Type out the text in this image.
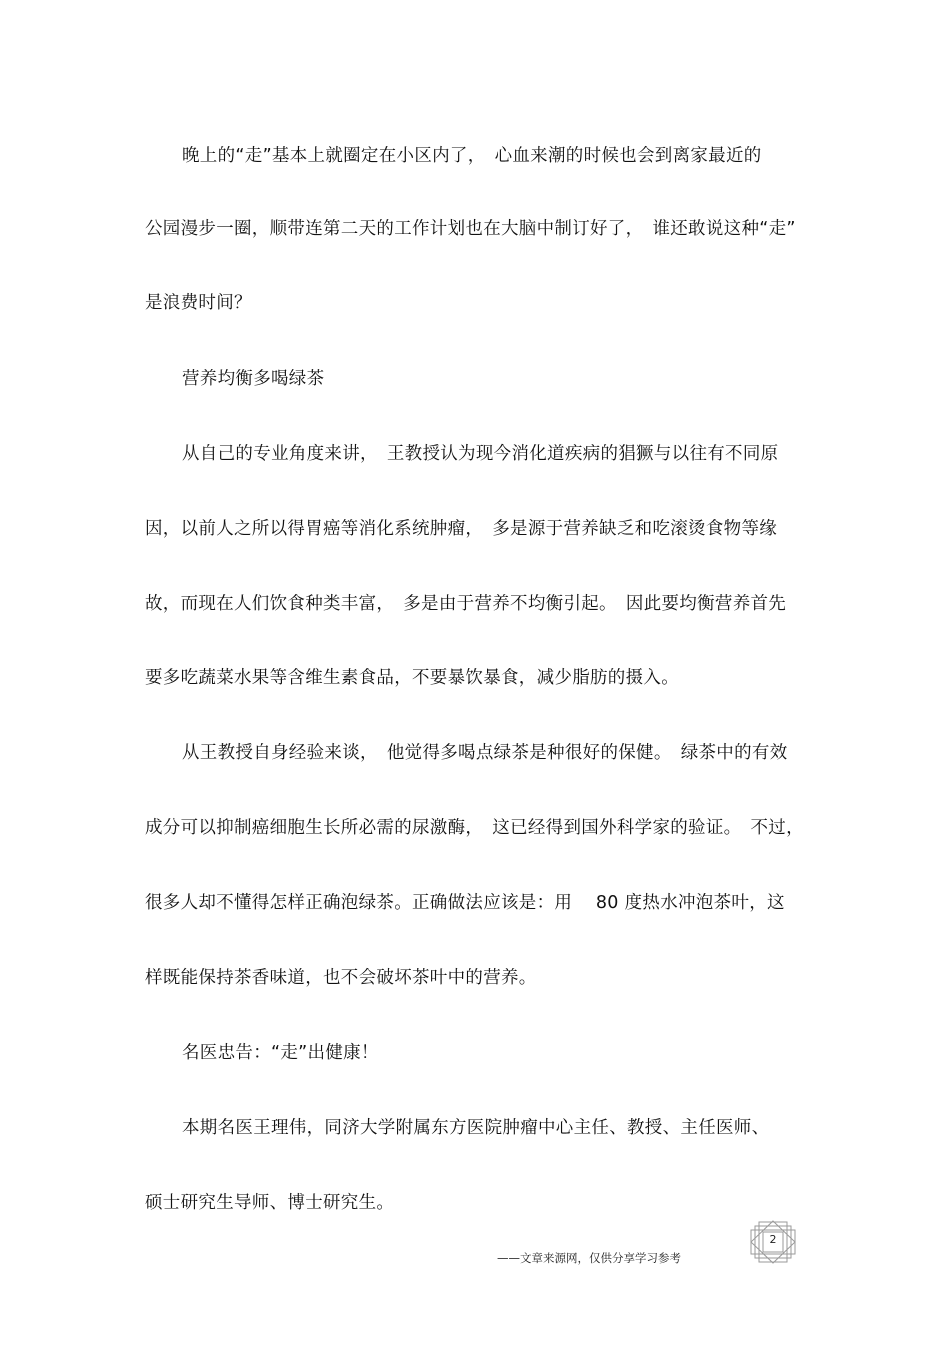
晚上的“走”基本上就圈定在小区内了，　心血来潮的时候也会到离家最近的
公园漫步一圈，顺带连第二天的工作计划也在大脑中制订好了，　谁还敢说这种“走”
是浪费时间？
营养均衡多喝绿茶
从自己的专业角度来讲，　王教授认为现今消化道疾病的猖獗与以往有不同原
因，以前人之所以得胃癌等消化系统肿瘤，　多是源于营养缺乏和吃滚烫食物等缘
故，而现在人们饮食种类丰富，　多是由于营养不均衡引起。　因此要均衡营养首先
要多吃蔬菜水果等含维生素食品，不要暴饮暴食，减少脂肪的摄入。
从王教授自身经验来谈，　他觉得多喝点绿茶是种很好的保健。　绿茶中的有效
成分可以抑制癌细胞生长所必需的尿激酶，　这已经得到国外科学家的验证。　不过，
很多人却不懂得怎样正确泡绿茶。正确做法应该是：用　 80 度热水冲泡茶叶，这
样既能保持茶香味道，也不会破坏茶叶中的营养。
名医忠告：“走”出健康！
本期名医王理伟，同济大学附属东方医院肿瘤中心主任、教授、主任医师、
硕士研究生导师、博士研究生。
2
——文章来源网，仅供分享学习参考
